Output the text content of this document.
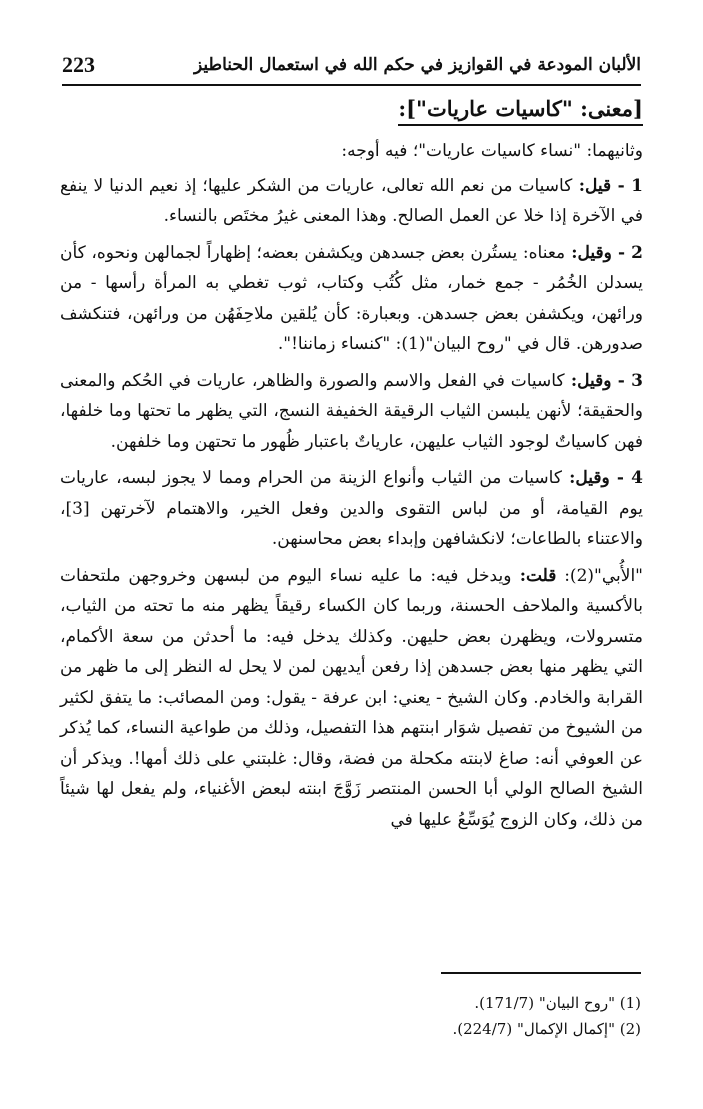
الألبان المودعة في القوازيز في حكم الله في استعمال الحناطيز
223
[معنى: "كاسيات عاريات"]:

وثانيهما: "نساء كاسيات عاريات"؛ فيه أوجه:

1 - قيل: كاسيات من نعم الله تعالى، عاريات من الشكر عليها؛ إذ نعيم الدنيا لا ينفع في الآخرة إذا خلا عن العمل الصالح. وهذا المعنى غيرُ مختَص بالنساء.

2 - وقيل: معناه: يستُرن بعض جسدهن ويكشفن بعضه؛ إظهاراً لجمالهن ونحوه، كأن يسدلن الخُمُر - جمع خمار، مثل كُتُب وكتاب، ثوب تغطي به المرأة رأسها - من ورائهن، ويكشفن بعض جسدهن. وبعبارة: كأن يُلقين ملاحِفَهُن من ورائهن، فتنكشف صدورهن. قال في "روح البيان"(1): "كنساء زماننا!".

3 - وقيل: كاسيات في الفعل والاسم والصورة والظاهر، عاريات في الحُكم والمعنى والحقيقة؛ لأنهن يلبسن الثياب الرقيقة الخفيفة النسج، التي يظهر ما تحتها وما خلفها، فهن كاسياتٌ لوجود الثياب عليهن، عارياتٌ باعتبار ظُهور ما تحتهن وما خلفهن.

4 - وقيل: كاسيات من الثياب وأنواع الزينة من الحرام ومما لا يجوز لبسه، عاريات يوم القيامة، أو من لباس التقوى والدين وفعل الخير، والاهتمام لآخرتهن [3]، والاعتناء بالطاعات؛ لانكشافهن وإبداء بعض محاسنهن.

"الأُبي"(2): قلت: ويدخل فيه: ما عليه نساء اليوم من لبسهن وخروجهن ملتحفات بالأكسية والملاحف الحسنة، وربما كان الكساء رقيقاً يظهر منه ما تحته من الثياب، متسرولات، ويظهرن بعض حليهن. وكذلك يدخل فيه: ما أحدثن من سعة الأكمام، التي يظهر منها بعض جسدهن إذا رفعن أيديهن لمن لا يحل له النظر إلى ما ظهر من القرابة والخادم. وكان الشيخ - يعني: ابن عرفة - يقول: ومن المصائب: ما يتفق لكثير من الشيوخ من تفصيل شوَار ابنتهم هذا التفصيل، وذلك من طواعية النساء، كما يُذكر عن العوفي أنه: صاغ لابنته مكحلة من فضة، وقال: غلبتني على ذلك أمها!. ويذكر أن الشيخ الصالح الولي أبا الحسن المنتصر زَوَّجَ ابنته لبعض الأغنياء، ولم يفعل لها شيئاً من ذلك، وكان الزوج يُوَسِّعُ عليها في

(1) "روح البيان" (171/7).

(2) "إكمال الإكمال" (224/7).
